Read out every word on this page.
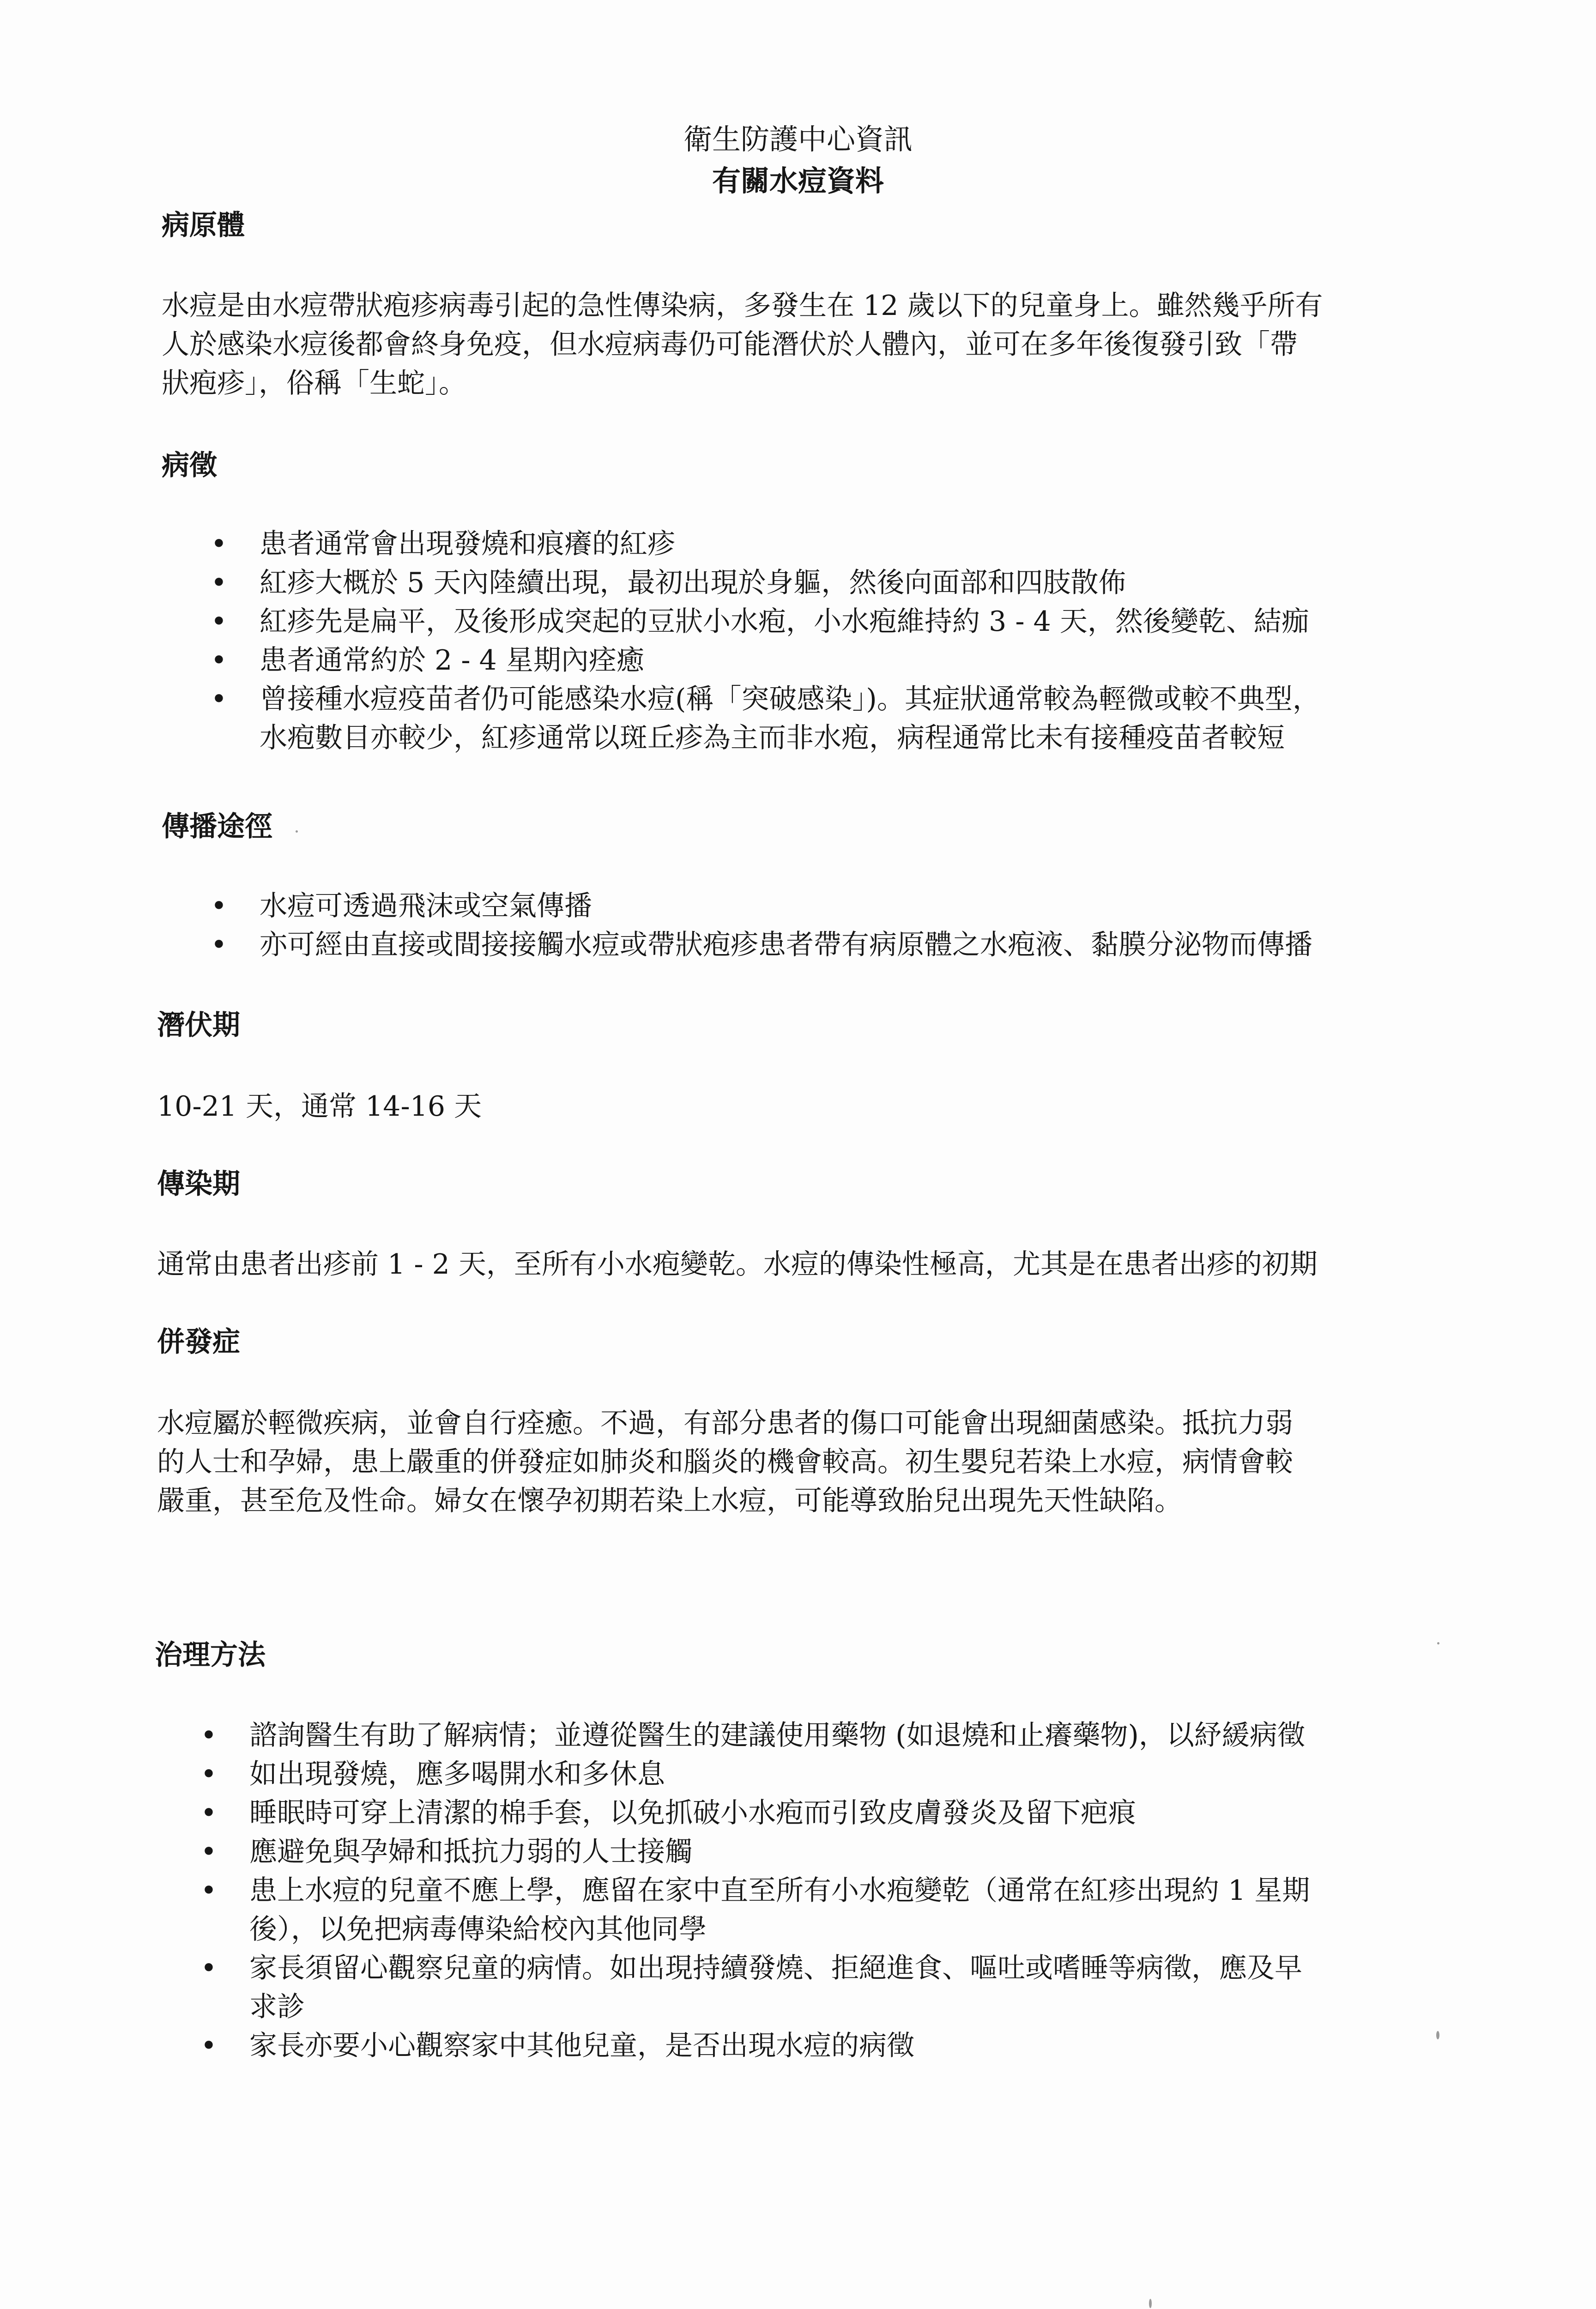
衛生防護中心資訊
有關水痘資料
病原體
水痘是由水痘帶狀疱疹病毒引起的急性傳染病，多發生在 12 歲以下的兒童身上。雖然幾乎所有
人於感染水痘後都會終身免疫，但水痘病毒仍可能潛伏於人體內，並可在多年後復發引致「帶
狀疱疹」，俗稱「生蛇」。
病徵
• 患者通常會出現發燒和痕癢的紅疹
• 紅疹大概於 5 天內陸續出現，最初出現於身軀，然後向面部和四肢散佈
• 紅疹先是扁平，及後形成突起的豆狀小水疱，小水疱維持約 3 - 4 天，然後變乾、結痂
• 患者通常約於 2 - 4 星期內痊癒
• 曾接種水痘疫苗者仍可能感染水痘(稱「突破感染」)。其症狀通常較為輕微或較不典型，
水疱數目亦較少，紅疹通常以斑丘疹為主而非水疱，病程通常比未有接種疫苗者較短
傳播途徑
• 水痘可透過飛沫或空氣傳播
• 亦可經由直接或間接接觸水痘或帶狀疱疹患者帶有病原體之水疱液、黏膜分泌物而傳播
潛伏期
10-21 天，通常 14-16 天
傳染期
通常由患者出疹前 1 - 2 天，至所有小水疱變乾。水痘的傳染性極高，尤其是在患者出疹的初期
併發症
水痘屬於輕微疾病，並會自行痊癒。不過，有部分患者的傷口可能會出現細菌感染。抵抗力弱
的人士和孕婦，患上嚴重的併發症如肺炎和腦炎的機會較高。初生嬰兒若染上水痘，病情會較
嚴重，甚至危及性命。婦女在懷孕初期若染上水痘，可能導致胎兒出現先天性缺陷。
治理方法
• 諮詢醫生有助了解病情；並遵從醫生的建議使用藥物 (如退燒和止癢藥物)，以紓緩病徵
• 如出現發燒，應多喝開水和多休息
• 睡眠時可穿上清潔的棉手套，以免抓破小水疱而引致皮膚發炎及留下疤痕
• 應避免與孕婦和抵抗力弱的人士接觸
• 患上水痘的兒童不應上學，應留在家中直至所有小水疱變乾（通常在紅疹出現約 1 星期
後），以免把病毒傳染給校內其他同學
• 家長須留心觀察兒童的病情。如出現持續發燒、拒絕進食、嘔吐或嗜睡等病徵，應及早
求診
• 家長亦要小心觀察家中其他兒童，是否出現水痘的病徵
